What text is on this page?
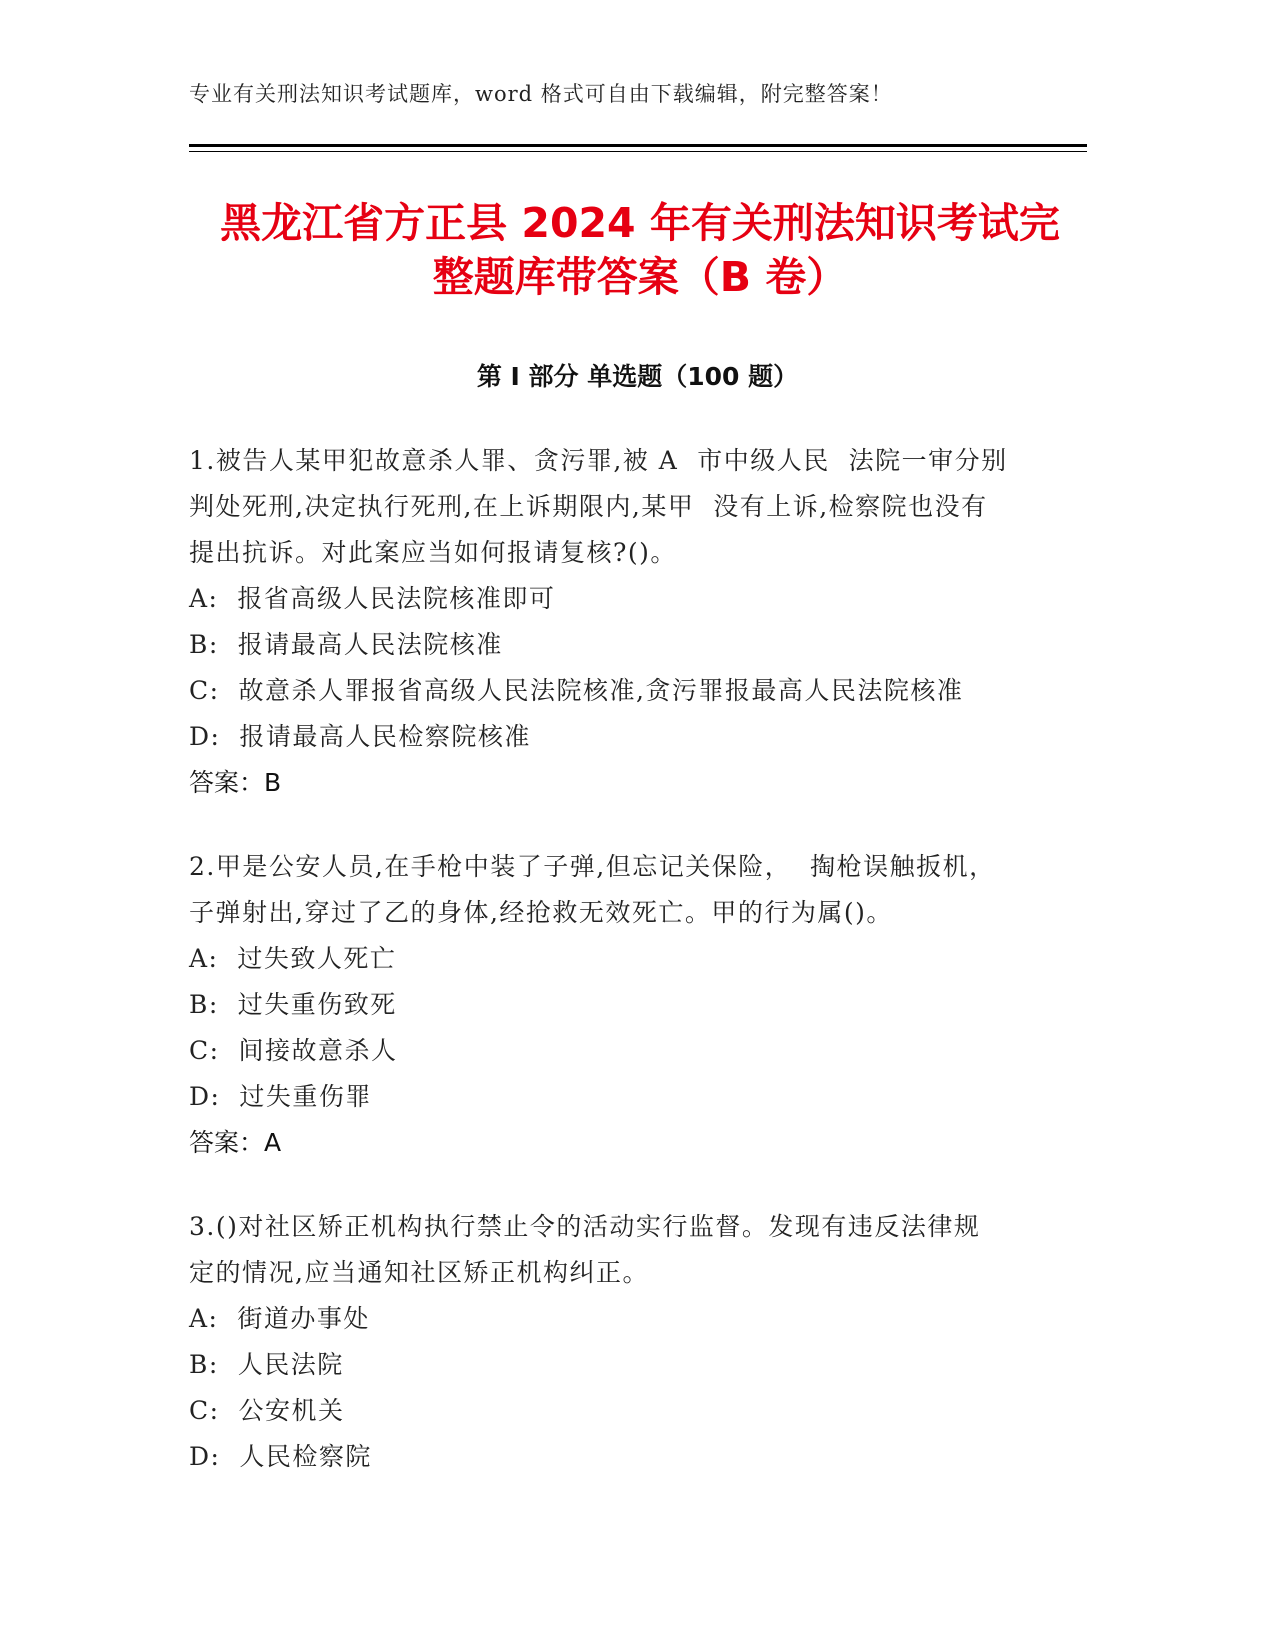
专业有关刑法知识考试题库，word 格式可自由下载编辑，附完整答案！
黑龙江省方正县 2024 年有关刑法知识考试完
整题库带答案（B 卷）
第 I 部分 单选题（100 题）
1.被告人某甲犯故意杀人罪、贪污罪,被 A  市中级人民  法院一审分别
判处死刑,决定执行死刑,在上诉期限内,某甲  没有上诉,检察院也没有
提出抗诉。对此案应当如何报请复核?()。
A:  报省高级人民法院核准即可
B:  报请最高人民法院核准
C:  故意杀人罪报省高级人民法院核准,贪污罪报最高人民法院核准
D:  报请最高人民检察院核准
答案：B
2.甲是公安人员,在手枪中装了子弹,但忘记关保险，  掏枪误触扳机，
子弹射出,穿过了乙的身体,经抢救无效死亡。甲的行为属()。
A:  过失致人死亡
B:  过失重伤致死
C:  间接故意杀人
D:  过失重伤罪
答案：A
3.()对社区矫正机构执行禁止令的活动实行监督。发现有违反法律规
定的情况,应当通知社区矫正机构纠正。
A:  街道办事处
B:  人民法院
C:  公安机关
D:  人民检察院
